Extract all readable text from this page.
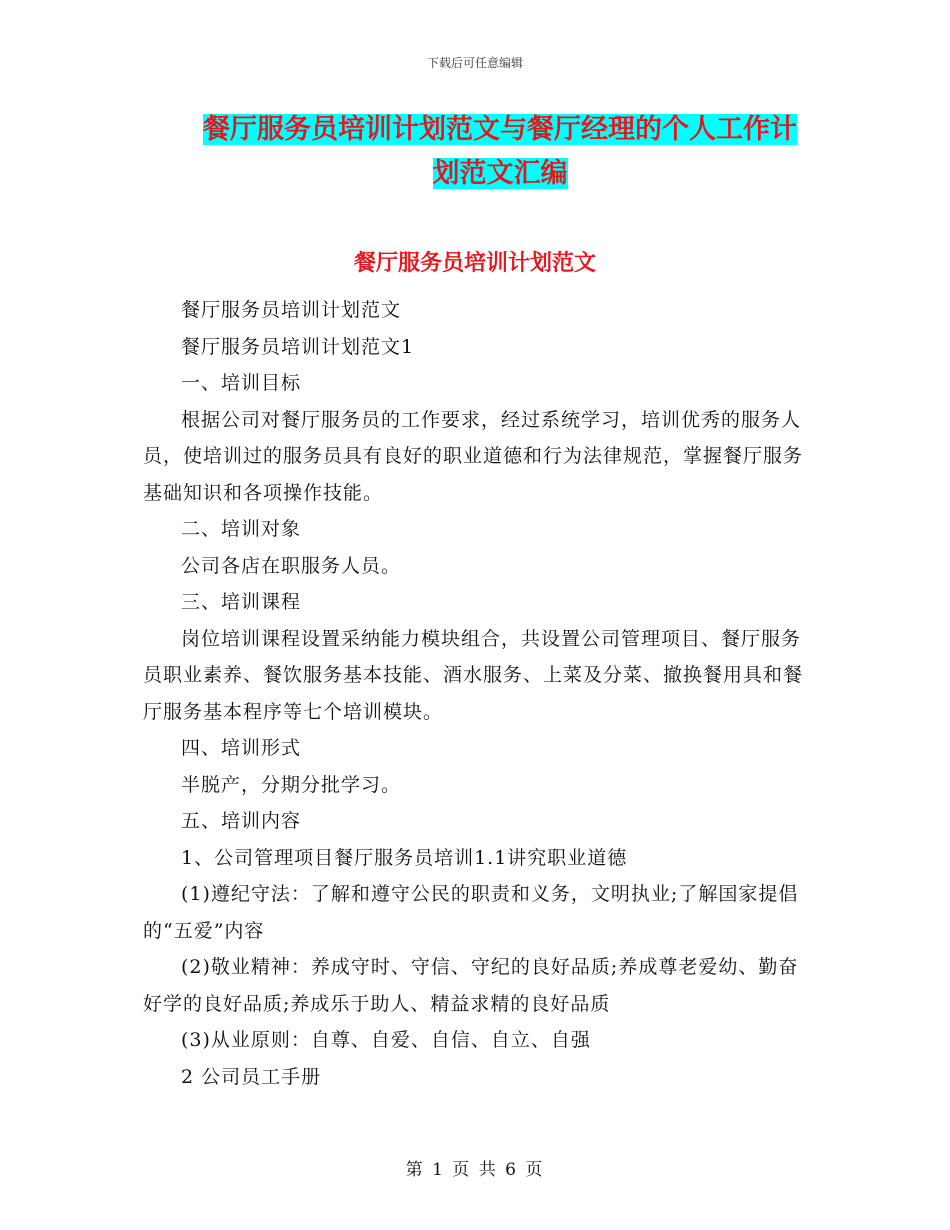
下载后可任意编辑
餐厅服务员培训计划范文与餐厅经理的个人工作计划范文汇编
餐厅服务员培训计划范文

餐厅服务员培训计划范文

餐厅服务员培训计划范文1

一、培训目标

根据公司对餐厅服务员的工作要求，经过系统学习，培训优秀的服务人员，使培训过的服务员具有良好的职业道德和行为法律规范，掌握餐厅服务基础知识和各项操作技能。

二、培训对象

公司各店在职服务人员。

三、培训课程

岗位培训课程设置采纳能力模块组合，共设置公司管理项目、餐厅服务员职业素养、餐饮服务基本技能、酒水服务、上菜及分菜、撤换餐用具和餐厅服务基本程序等七个培训模块。

四、培训形式

半脱产，分期分批学习。

五、培训内容

1、公司管理项目餐厅服务员培训1.1讲究职业道德

(1)遵纪守法：了解和遵守公民的职责和义务，文明执业;了解国家提倡的“五爱”内容

(2)敬业精神：养成守时、守信、守纪的良好品质;养成尊老爱幼、勤奋好学的良好品质;养成乐于助人、精益求精的良好品质

(3)从业原则：自尊、自爱、自信、自立、自强

2 公司员工手册

第 1 页 共 6 页
